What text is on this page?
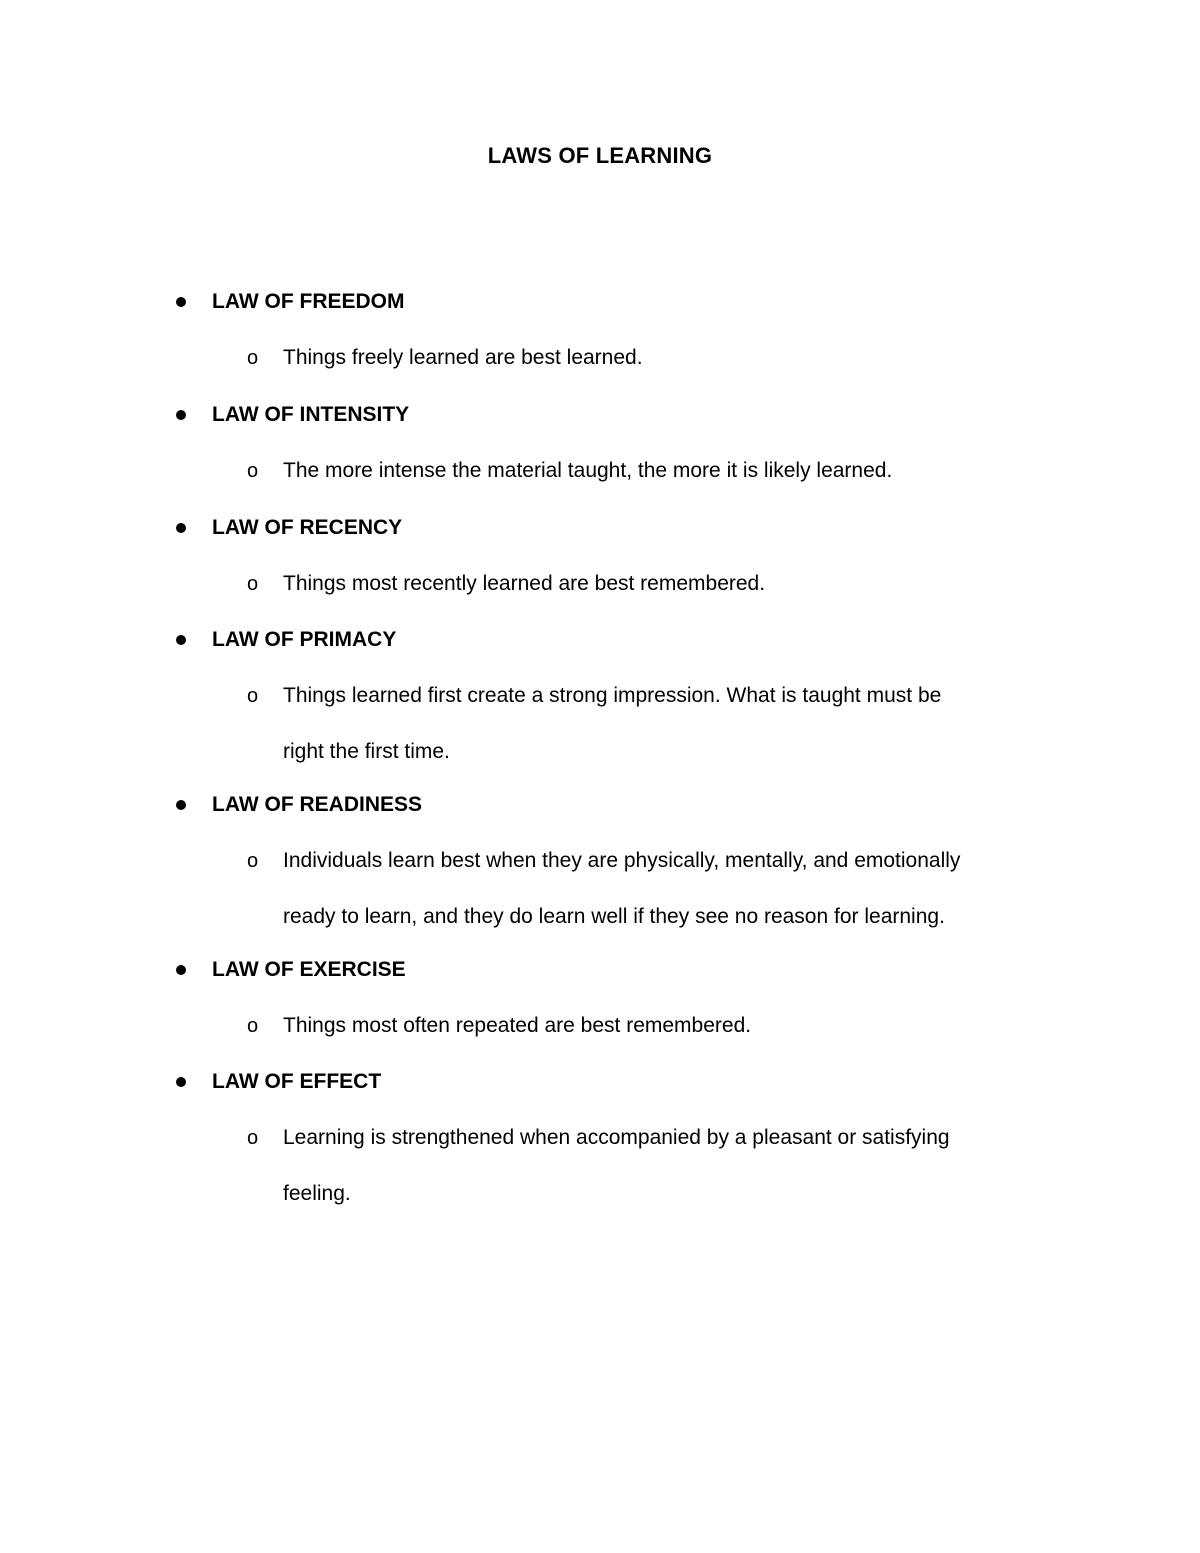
LAWS OF LEARNING
LAW OF FREEDOM
o Things freely learned are best learned.
LAW OF INTENSITY
o The more intense the material taught, the more it is likely learned.
LAW OF RECENCY
o Things most recently learned are best remembered.
LAW OF PRIMACY
o Things learned first create a strong impression. What is taught must be
right the first time.
LAW OF READINESS
o Individuals learn best when they are physically, mentally, and emotionally
ready to learn, and they do learn well if they see no reason for learning.
LAW OF EXERCISE
o Things most often repeated are best remembered.
LAW OF EFFECT
o Learning is strengthened when accompanied by a pleasant or satisfying
feeling.
